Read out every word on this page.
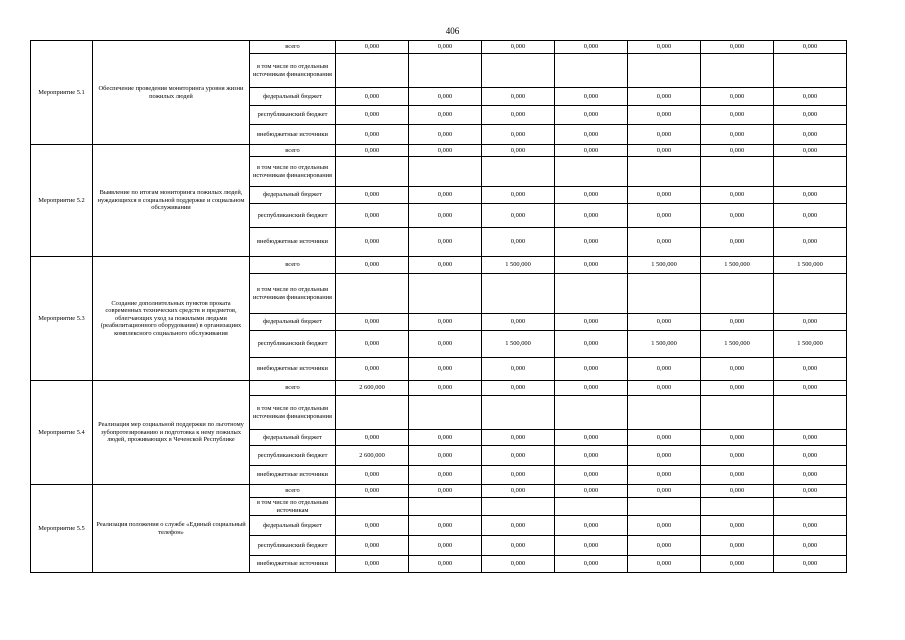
406
Мероприятие 5.1	Обеспечение проведения мониторинга уровня жизни пожилых людей	всего	0,000	0,000	0,000	0,000	0,000	0,000	0,000
		в том числе по отдельным источникам финансирования							
		федеральный бюджет	0,000	0,000	0,000	0,000	0,000	0,000	0,000
		республиканский бюджет	0,000	0,000	0,000	0,000	0,000	0,000	0,000
		внебюджетные источники	0,000	0,000	0,000	0,000	0,000	0,000	0,000
Мероприятие 5.2	Выявление по итогам мониторинга пожилых людей, нуждающихся в социальной поддержке и социальном обслуживании	всего	0,000	0,000	0,000	0,000	0,000	0,000	0,000
		в том числе по отдельным источникам финансирования							
		федеральный бюджет	0,000	0,000	0,000	0,000	0,000	0,000	0,000
		республиканский бюджет	0,000	0,000	0,000	0,000	0,000	0,000	0,000
		внебюджетные источники	0,000	0,000	0,000	0,000	0,000	0,000	0,000
Мероприятие 5.3	Создание дополнительных пунктов проката современных технических средств и предметов, облегчающих уход за пожилыми людьми (реабилитационного оборудования) в организациях комплексного социального обслуживания	всего	0,000	0,000	1 500,000	0,000	1 500,000	1 500,000	1 500,000
		в том числе по отдельным источникам финансирования							
		федеральный бюджет	0,000	0,000	0,000	0,000	0,000	0,000	0,000
		республиканский бюджет	0,000	0,000	1 500,000	0,000	1 500,000	1 500,000	1 500,000
		внебюджетные источники	0,000	0,000	0,000	0,000	0,000	0,000	0,000
Мероприятие 5.4	Реализация мер социальной поддержки по льготному зубопротезированию и подготовка к нему пожилых людей, проживающих в Чеченской Республике	всего	2 600,000	0,000	0,000	0,000	0,000	0,000	0,000
		в том числе по отдельным источникам финансирования							
		федеральный бюджет	0,000	0,000	0,000	0,000	0,000	0,000	0,000
		республиканский бюджет	2 600,000	0,000	0,000	0,000	0,000	0,000	0,000
		внебюджетные источники	0,000	0,000	0,000	0,000	0,000	0,000	0,000
Мероприятие 5.5	Реализация положения о службе «Единый социальный телефон»	всего	0,000	0,000	0,000	0,000	0,000	0,000	0,000
		в том числе по отдельным источникам							
		федеральный бюджет	0,000	0,000	0,000	0,000	0,000	0,000	0,000
		республиканский бюджет	0,000	0,000	0,000	0,000	0,000	0,000	0,000
		внебюджетные источники	0,000	0,000	0,000	0,000	0,000	0,000	0,000
